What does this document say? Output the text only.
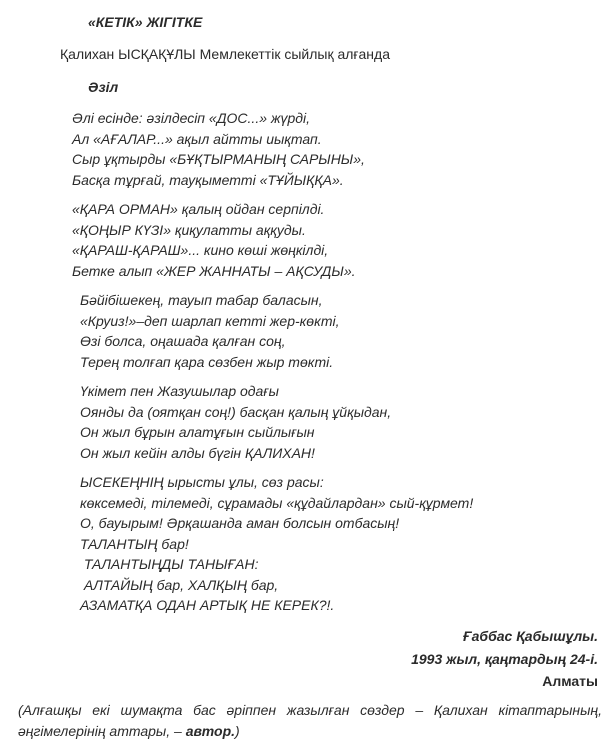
«КЕТІК» ЖІГІТКЕ
Қалихан ЫСҚАҚҰЛЫ Мемлекеттік сыйлық алғанда
Әзіл
Әлі есінде: әзілдесіп «ДОС...» жүрді,
Ал «АҒАЛАР...» ақыл айтты иықтап.
Сыр ұқтырды «БҰҚТЫРМАНЫҢ САРЫНЫ»,
Басқа тұрғай, тауқыметті «ТҰЙЫҚҚА».
«ҚАРА ОРМАН» қалың ойдан серпілді.
«ҚОҢЫР КҮЗІ» қиқулатты аққуды.
«ҚАРАШ-ҚАРАШ»... кино көші жөңкілді,
Бетке алып «ЖЕР ЖАННАТЫ – АҚСУДЫ».
Бәйібішекең, тауып табар баласын,
«Круиз!»–деп шарлап кетті жер-көкті,
Өзі болса, оңашада қалған соң,
Терең толғап қара сөзбен жыр төкті.
Үкімет пен Жазушылар одағы
Оянды да (оятқан соң!) басқан қалың ұйқыдан,
Он жыл бұрын алатұғын сыйлығын
Он жыл кейін алды бүгін ҚАЛИХАН!
ЫСЕКЕҢНІҢ ырысты ұлы, сөз расы:
көксемеді, тілемеді, сұрамады «құдайлардан» сый-құрмет!
О, бауырым! Әрқашанда аман болсын отбасың!
ТАЛАНТЫҢ бар!
ТАЛАНТЫҢДЫ ТАНЫҒАН:
АЛТАЙЫҢ бар, ХАЛҚЫҢ бар,
АЗАМАТҚА ОДАН АРТЫҚ НЕ КЕРЕК?!.
Ғаббас Қабышұлы.
1993 жыл, қаңтардың 24-і.
Алматы
(Алғашқы екі шумақта бас әріппен жазылған сөздер – Қалихан кітаптарының, әңгімелерінің аттары, – автор.)
